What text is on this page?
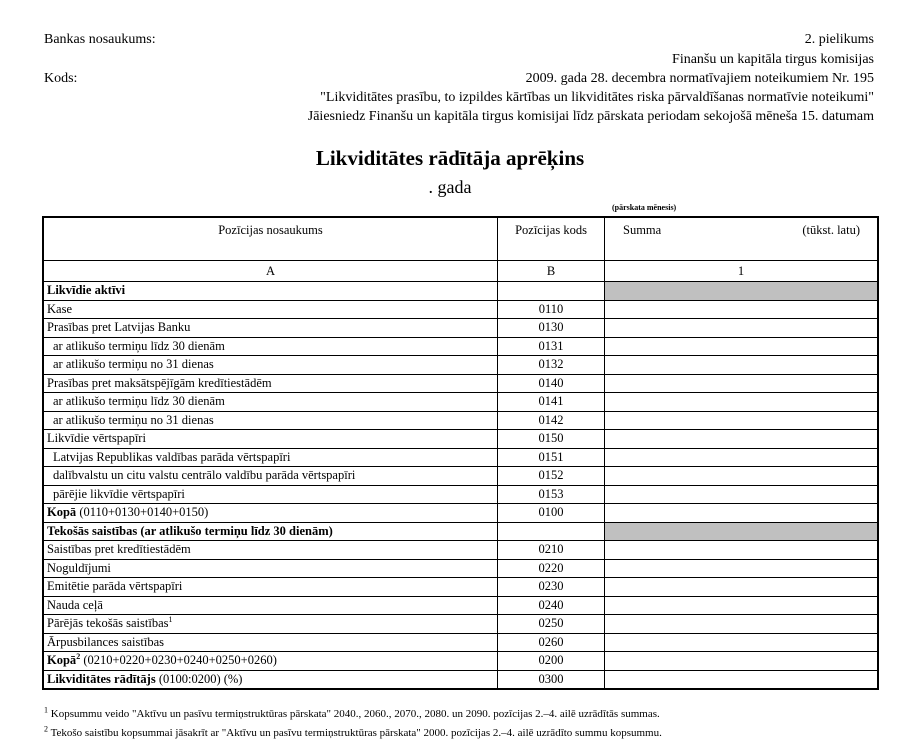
Bankas nosaukums:
Kods:
2. pielikums
Finanšu un kapitāla tirgus komisijas
2009. gada 28. decembra normatīvajiem noteikumiem Nr. 195
"Likviditātes prasību, to izpildes kārtības un likviditātes riska pārvaldīšanas normatīvie noteikumi"
Jāiesniedz Finanšu un kapitāla tirgus komisijai līdz pārskata periodam sekojošā mēneša 15. datumam
Likviditātes rādītāja aprēķins
. gada
(pārskata mēnesis)
Pozīcijas nosaukums	Pozīcijas kods	Summa (tūkst. latu)

A	B	1
Likvīdie aktīvi		
Kase	0110	
Prasības pret Latvijas Banku	0130	
ar atlikušo termiņu līdz 30 dienām	0131	
ar atlikušo termiņu no 31 dienas	0132	
Prasības pret maksātspējīgām kredītiestādēm	0140	
ar atlikušo termiņu līdz 30 dienām	0141	
ar atlikušo termiņu no 31 dienas	0142	
Likvīdie vērtspapīri	0150	
Latvijas Republikas valdības parāda vērtspapīri	0151	
dalībvalstu un citu valstu centrālo valdību parāda vērtspapīri	0152	
pārējie likvīdie vērtspapīri	0153	
Kopā (0110+0130+0140+0150)	0100	
Tekošās saistības (ar atlikušo termiņu līdz 30 dienām)		
Saistības pret kredītiestādēm	0210	
Noguldījumi	0220	
Emitētie parāda vērtspapīri	0230	
Nauda ceļā	0240	
Pārējās tekošās saistības$^1$	0250	
Ārpusbilances saistības	0260	
Kopā$^2$ (0210+0220+0230+0240+0250+0260)	0200	
Likviditātes rādītājs (0100:0200) (%)	0300	
$^1$ Kopsummu veido "Aktīvu un pasīvu termiņstruktūras pārskata" 2040., 2060., 2070., 2080. un 2090. pozīcijas 2.–4. ailē uzrādītās summas.
$^2$ Tekošo saistību kopsummai jāsakrīt ar "Aktīvu un pasīvu termiņstruktūras pārskata" 2000. pozīcijas 2.–4. ailē uzrādīto summu kopsummu.
